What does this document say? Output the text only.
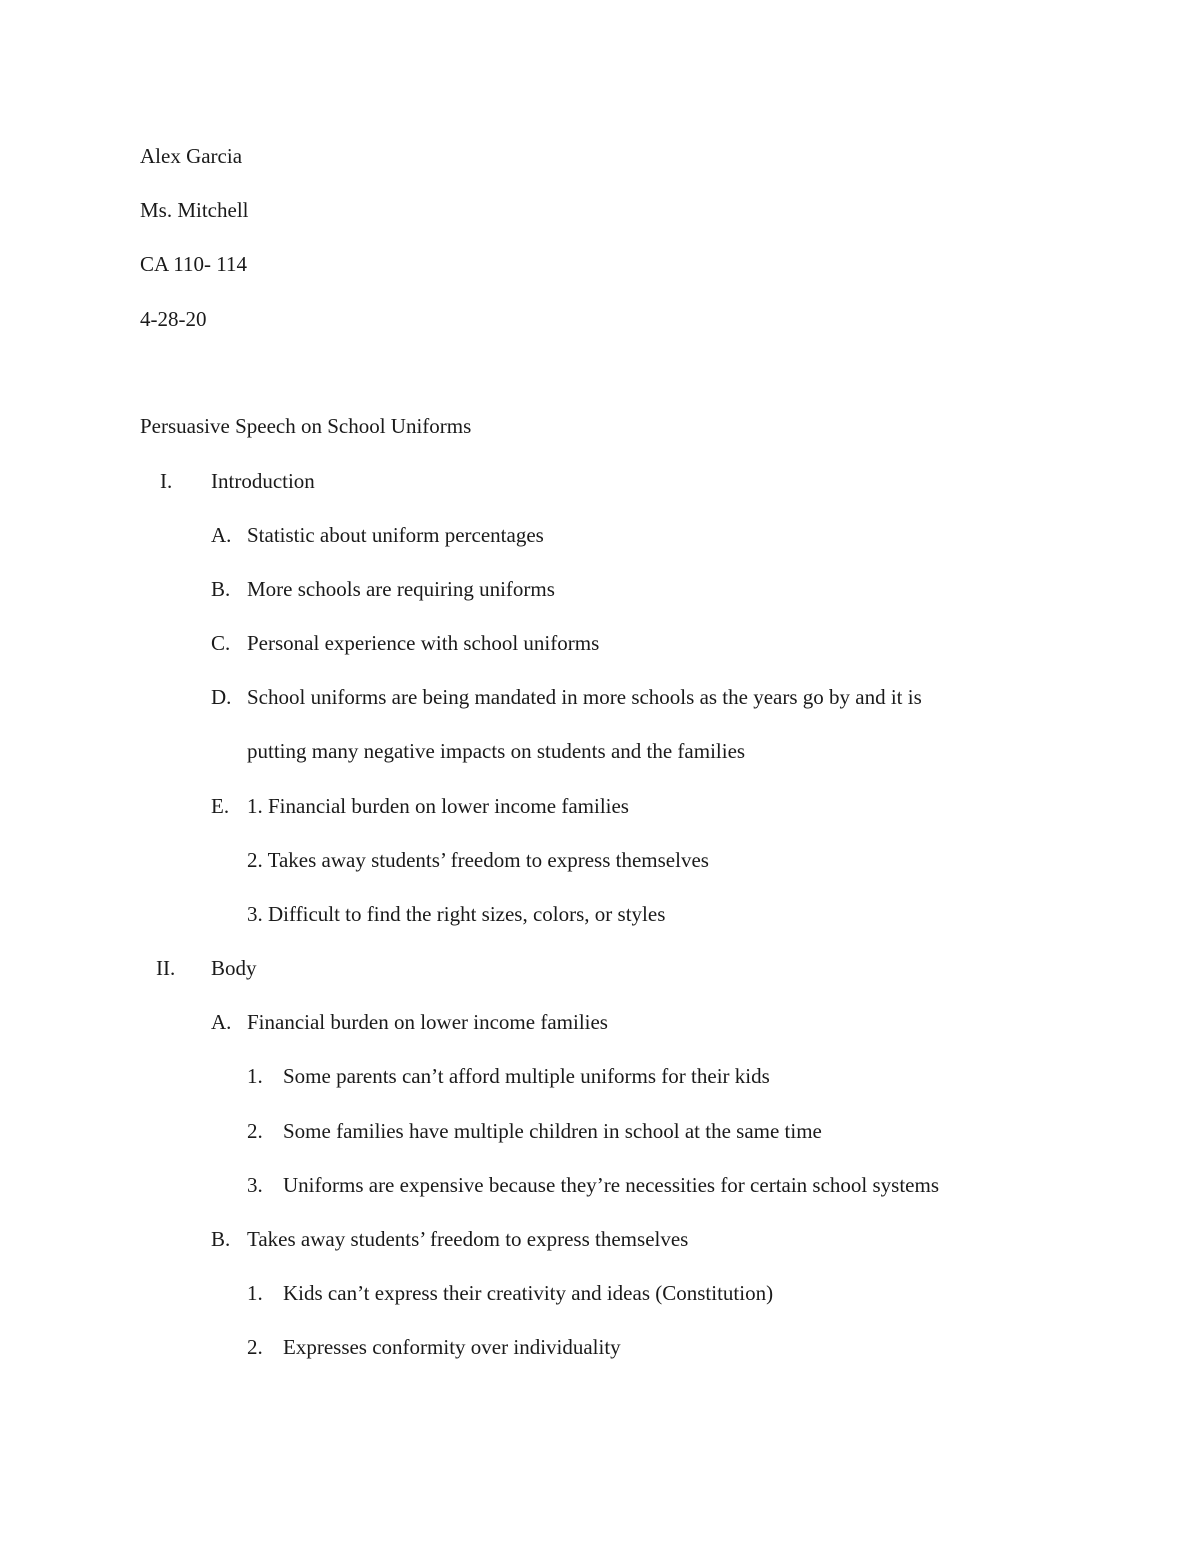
Alex Garcia
Ms. Mitchell
CA 110- 114
4-28-20
Persuasive Speech on School Uniforms
I. Introduction
A. Statistic about uniform percentages
B. More schools are requiring uniforms
C. Personal experience with school uniforms
D. School uniforms are being mandated in more schools as the years go by and it is
putting many negative impacts on students and the families
E. 1. Financial burden on lower income families
2. Takes away students’ freedom to express themselves
3. Difficult to find the right sizes, colors, or styles
II. Body
A. Financial burden on lower income families
1. Some parents can’t afford multiple uniforms for their kids
2. Some families have multiple children in school at the same time
3. Uniforms are expensive because they’re necessities for certain school systems
B. Takes away students’ freedom to express themselves
1. Kids can’t express their creativity and ideas (Constitution)
2. Expresses conformity over individuality
